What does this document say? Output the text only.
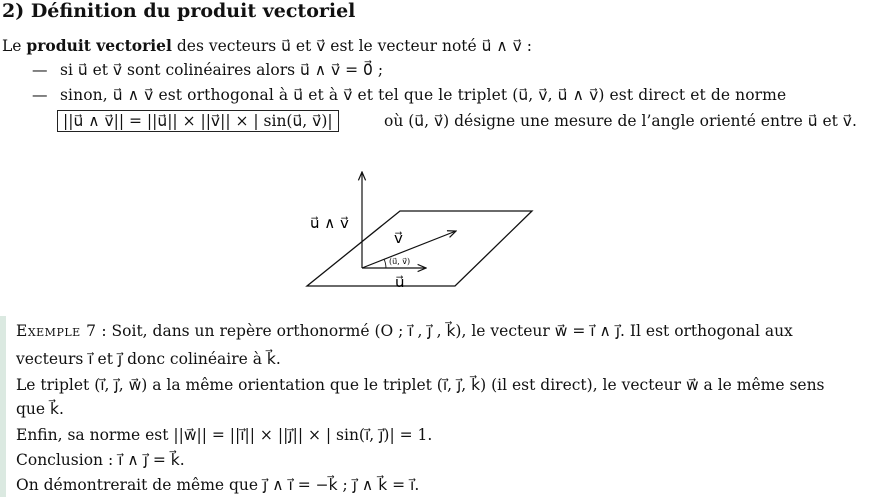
2) Définition du produit vectoriel
Le produit vectoriel des vecteurs u⃗ et v⃗ est le vecteur noté u⃗ ∧ v⃗ :
— si u⃗ et v⃗ sont colinéaires alors u⃗ ∧ v⃗ = 0⃗ ;
— sinon, u⃗ ∧ v⃗ est orthogonal à u⃗ et à v⃗ et tel que le triplet (u⃗, v⃗, u⃗ ∧ v⃗) est direct et de norme
||u⃗ ∧ v⃗|| = ||u⃗|| × ||v⃗|| × | sin(u⃗, v⃗)|	où (u⃗, v⃗) désigne une mesure de l’angle orienté entre u⃗ et v⃗.
u⃗ ∧ v⃗
v⃗
u⃗
(u⃗, v⃗)
Exemple 7 : Soit, dans un repère orthonormé (O ; i⃗ , j⃗ , k⃗), le vecteur w⃗ = i⃗ ∧ j⃗. Il est orthogonal aux
vecteurs i⃗ et j⃗ donc colinéaire à k⃗.
Le triplet (i⃗, j⃗, w⃗) a la même orientation que le triplet (i⃗, j⃗, k⃗) (il est direct), le vecteur w⃗ a le même sens
que k⃗.
Enfin, sa norme est ||w⃗|| = ||i⃗|| × ||j⃗|| × | sin(i⃗, j⃗)| = 1.
Conclusion : i⃗ ∧ j⃗ = k⃗.
On démontrerait de même que j⃗ ∧ i⃗ = −k⃗ ; j⃗ ∧ k⃗ = i⃗.
